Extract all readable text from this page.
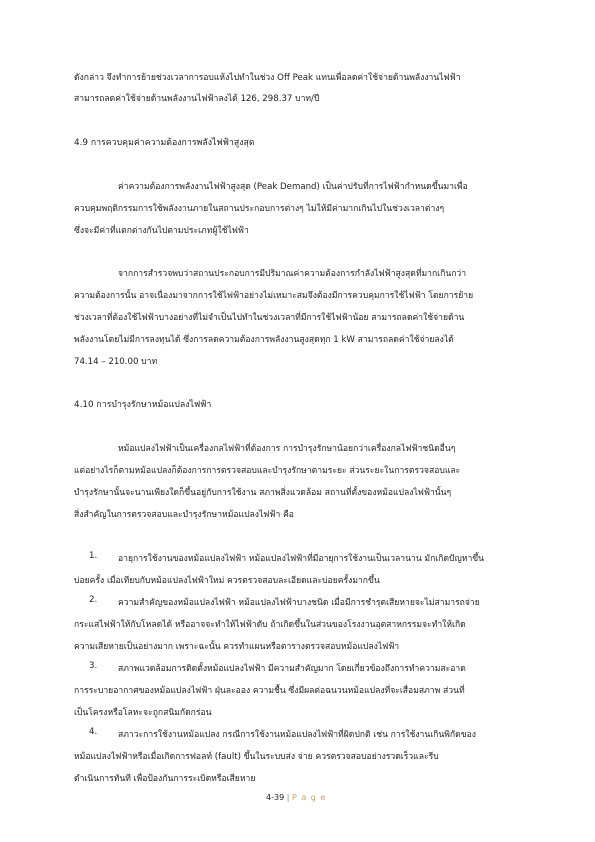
ดังกล่าว จึงทำการย้ายช่วงเวลาการอบแห้งไปทำในช่วง Off Peak แทนเพื่อลดค่าใช้จ่ายด้านพลังงานไฟฟ้า
สามารถลดค่าใช้จ่ายด้านพลังงานไฟฟ้าลงได้ 126, 298.37 บาท/ปี
4.9 การควบคุมค่าความต้องการพลังไฟฟ้าสูงสุด
ค่าความต้องการพลังงานไฟฟ้าสูงสุด (Peak Demand) เป็นค่าปรับที่การไฟฟ้ากำหนดขึ้นมาเพื่อ
ควบคุมพฤติกรรมการใช้พลังงานภายในสถานประกอบการต่างๆ ไม่ให้มีค่ามากเกินไปในช่วงเวลาต่างๆ
ซึ่งจะมีค่าที่แตกต่างกันไปตามประเภทผู้ใช้ไฟฟ้า
จากการสำรวจพบว่าสถานประกอบการมีปริมาณค่าความต้องการกำลังไฟฟ้าสูงสุดที่มากเกินกว่า
ความต้องการนั้น อาจเนื่องมาจากการใช้ไฟฟ้าอย่างไม่เหมาะสมจึงต้องมีการควบคุมการใช้ไฟฟ้า โดยการย้าย
ช่วงเวลาที่ต้องใช้ไฟฟ้าบางอย่างที่ไม่จำเป็นไปทำในช่วงเวลาที่มีการใช้ไฟฟ้าน้อย สามารถลดค่าใช้จ่ายด้าน
พลังงานโดยไม่มีการลงทุนได้ ซึ่งการลดความต้องการพลังงานสูงสุดทุก 1 kW สามารถลดค่าใช้จ่ายลงได้
74.14 – 210.00 บาท
4.10 การบำรุงรักษาหม้อแปลงไฟฟ้า
หม้อแปลงไฟฟ้าเป็นเครื่องกลไฟฟ้าที่ต้องการ การบำรุงรักษาน้อยกว่าเครื่องกลไฟฟ้าชนิดอื่นๆ
แต่อย่างไรก็ตามหม้อแปลงก็ต้องการการตรวจสอบและบำรุงรักษาตามระยะ ส่วนระยะในการตรวจสอบและ
บำรุงรักษานั้นจะนานเพียงใดก็ขึ้นอยู่กับการใช้งาน สภาพสิ่งแวดล้อม สถานที่ตั้งของหม้อแปลงไฟฟ้านั้นๆ
สิ่งสำคัญในการตรวจสอบและบำรุงรักษาหม้อแปลงไฟฟ้า คือ
1. อายุการใช้งานของหม้อแปลงไฟฟ้า หม้อแปลงไฟฟ้าที่มีอายุการใช้งานเป็นเวลานาน มักเกิดปัญหาขึ้น
บ่อยครั้ง เมื่อเทียบกับหม้อแปลงไฟฟ้าใหม่ ควรตรวจสอบละเอียดและบ่อยครั้งมากขึ้น
2. ความสำคัญของหม้อแปลงไฟฟ้า หม้อแปลงไฟฟ้าบางชนิด เมื่อมีการชำรุดเสียหายจะไม่สามารถจ่าย
กระแสไฟฟ้าให้กับโหลดได้ หรืออาจจะทำให้ไฟฟ้าดับ ถ้าเกิดขึ้นในส่วนของโรงงานอุตสาหกรรมจะทำให้เกิด
ความเสียหายเป็นอย่างมาก เพราะฉะนั้น ควรทำแผนหรือตารางตรวจสอบหม้อแปลงไฟฟ้า
3. สภาพแวดล้อมการติดตั้งหม้อแปลงไฟฟ้า มีความสำคัญมาก โดยเกี่ยวข้องถึงการทำความสะอาด
การระบายอากาศของหม้อแปลงไฟฟ้า ฝุ่นละออง ความชื้น ซึ่งมีผลต่อฉนวนหม้อแปลงที่จะเสื่อมสภาพ ส่วนที่
เป็นโครงหรือโลหะจะถูกสนิมกัดกร่อน
4. สภาวะการใช้งานหม้อแปลง กรณีการใช้งานหม้อแปลงไฟฟ้าที่ผิดปกติ เช่น การใช้งานเกินพิกัดของ
หม้อแปลงไฟฟ้าหรือเมื่อเกิดการฟอลท์ (fault) ขึ้นในระบบส่ง จ่าย ควรตรวจสอบอย่างรวดเร็วและรีบ
ดำเนินการทันที เพื่อป้องกันการระเบิดหรือเสียหาย
4-39 | P a g e
